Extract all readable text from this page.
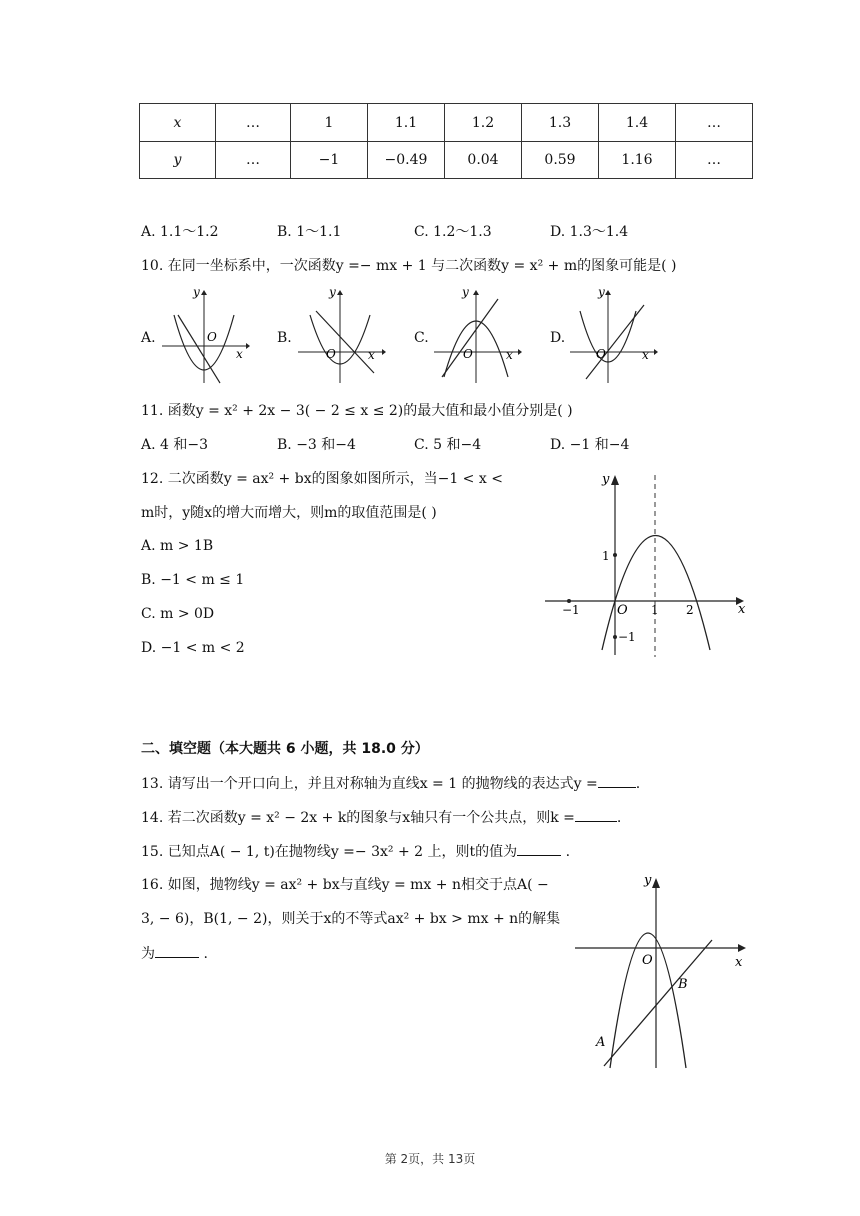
x	…	1	1.1	1.2	1.3	1.4	…
y	…	−1	−0.49	0.04	0.59	1.16	…
A. 1.1～1.2	B. 1～1.1	C. 1.2～1.3	D. 1.3～1.4
10. 在同一坐标系中，一次函数y =− mx + 1 与二次函数y = x² + m的图象可能是( )
A.	B.	C.	D.
y
x
O
y
x
O
y
x
O
y
x
O
11. 函数y = x² + 2x − 3( − 2 ≤ x ≤ 2)的最大值和最小值分别是( )
A. 4 和−3	B. −3 和−4	C. 5 和−4	D. −1 和−4
12. 二次函数y = ax² + bx的图象如图所示，当−1 < x <
m时，y随x的增大而增大，则m的取值范围是( )
A. m > 1B
B. −1 < m ≤ 1
C. m > 0D
D. −1 < m < 2
y
x
1
−1
O 1 2
−1
二、填空题（本大题共 6 小题，共 18.0 分）
13. 请写出一个开口向上，并且对称轴为直线x = 1 的抛物线的表达式y =	.
14. 若二次函数y = x² − 2x + k的图象与x轴只有一个公共点，则k =	.
15. 已知点A( − 1, t)在抛物线y =− 3x² + 2 上，则t的值为	.
16. 如图，抛物线y = ax² + bx与直线y = mx + n相交于点A( −
3, − 6)，B(1, − 2)，则关于x的不等式ax² + bx > mx + n的解集
为	.
y
x
O
B
A
第 2页，共 13页
